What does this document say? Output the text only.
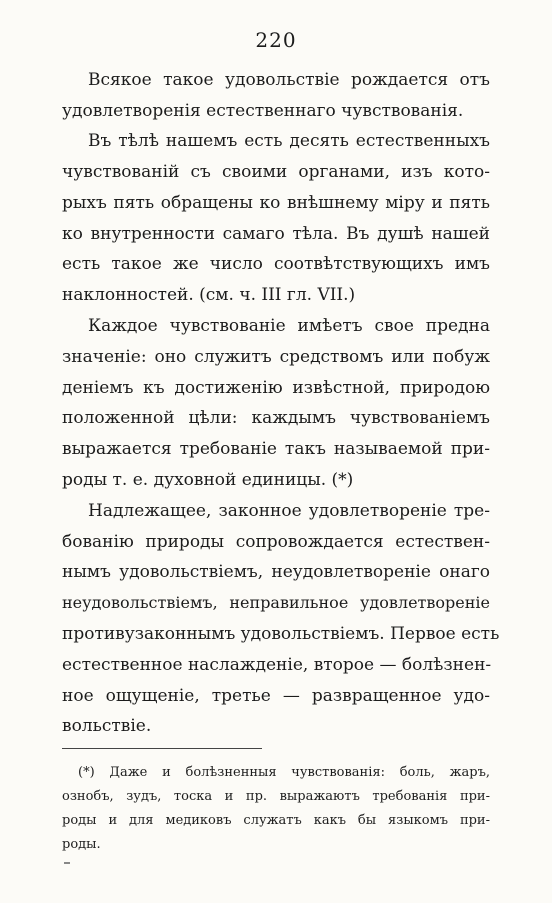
220
Всякое такое удовольствіе рождается отъ
удовлетворенія естественнаго чувствованія.
Въ тѣлѣ нашемъ есть десять естественныхъ
чувствованій съ своими органами, изъ кото-
рыхъ пять обращены ко внѣшнему міру и пять
ко внутренности самаго тѣла. Въ душѣ нашей
есть такое же число соотвѣтствующихъ имъ
наклонностей. (см. ч. III гл. VII.)
Каждое чувствованіе имѣетъ свое предна
значеніе: оно служитъ средствомъ или побуж
деніемъ къ достиженію извѣстной, природою
положенной цѣли: каждымъ чувствованіемъ
выражается требованіе такъ называемой при-
роды т. е. духовной единицы. (*)
Надлежащее, законное удовлетвореніе тре-
бованію природы сопровождается естествен-
нымъ удовольствіемъ, неудовлетвореніе онаго
неудовольствіемъ, неправильное удовлетвореніе
противузаконнымъ удовольствіемъ. Первое есть
естественное наслажденіе, второе — болѣзнен-
ное ощущеніе, третье — развращенное удо-
вольствіе.
(*) Даже и болѣзненныя чувствованія: боль, жаръ,
ознобъ, зудъ, тоска и пр. выражаютъ требованія при-
роды и для медиковъ служатъ какъ бы языкомъ при-
роды.
